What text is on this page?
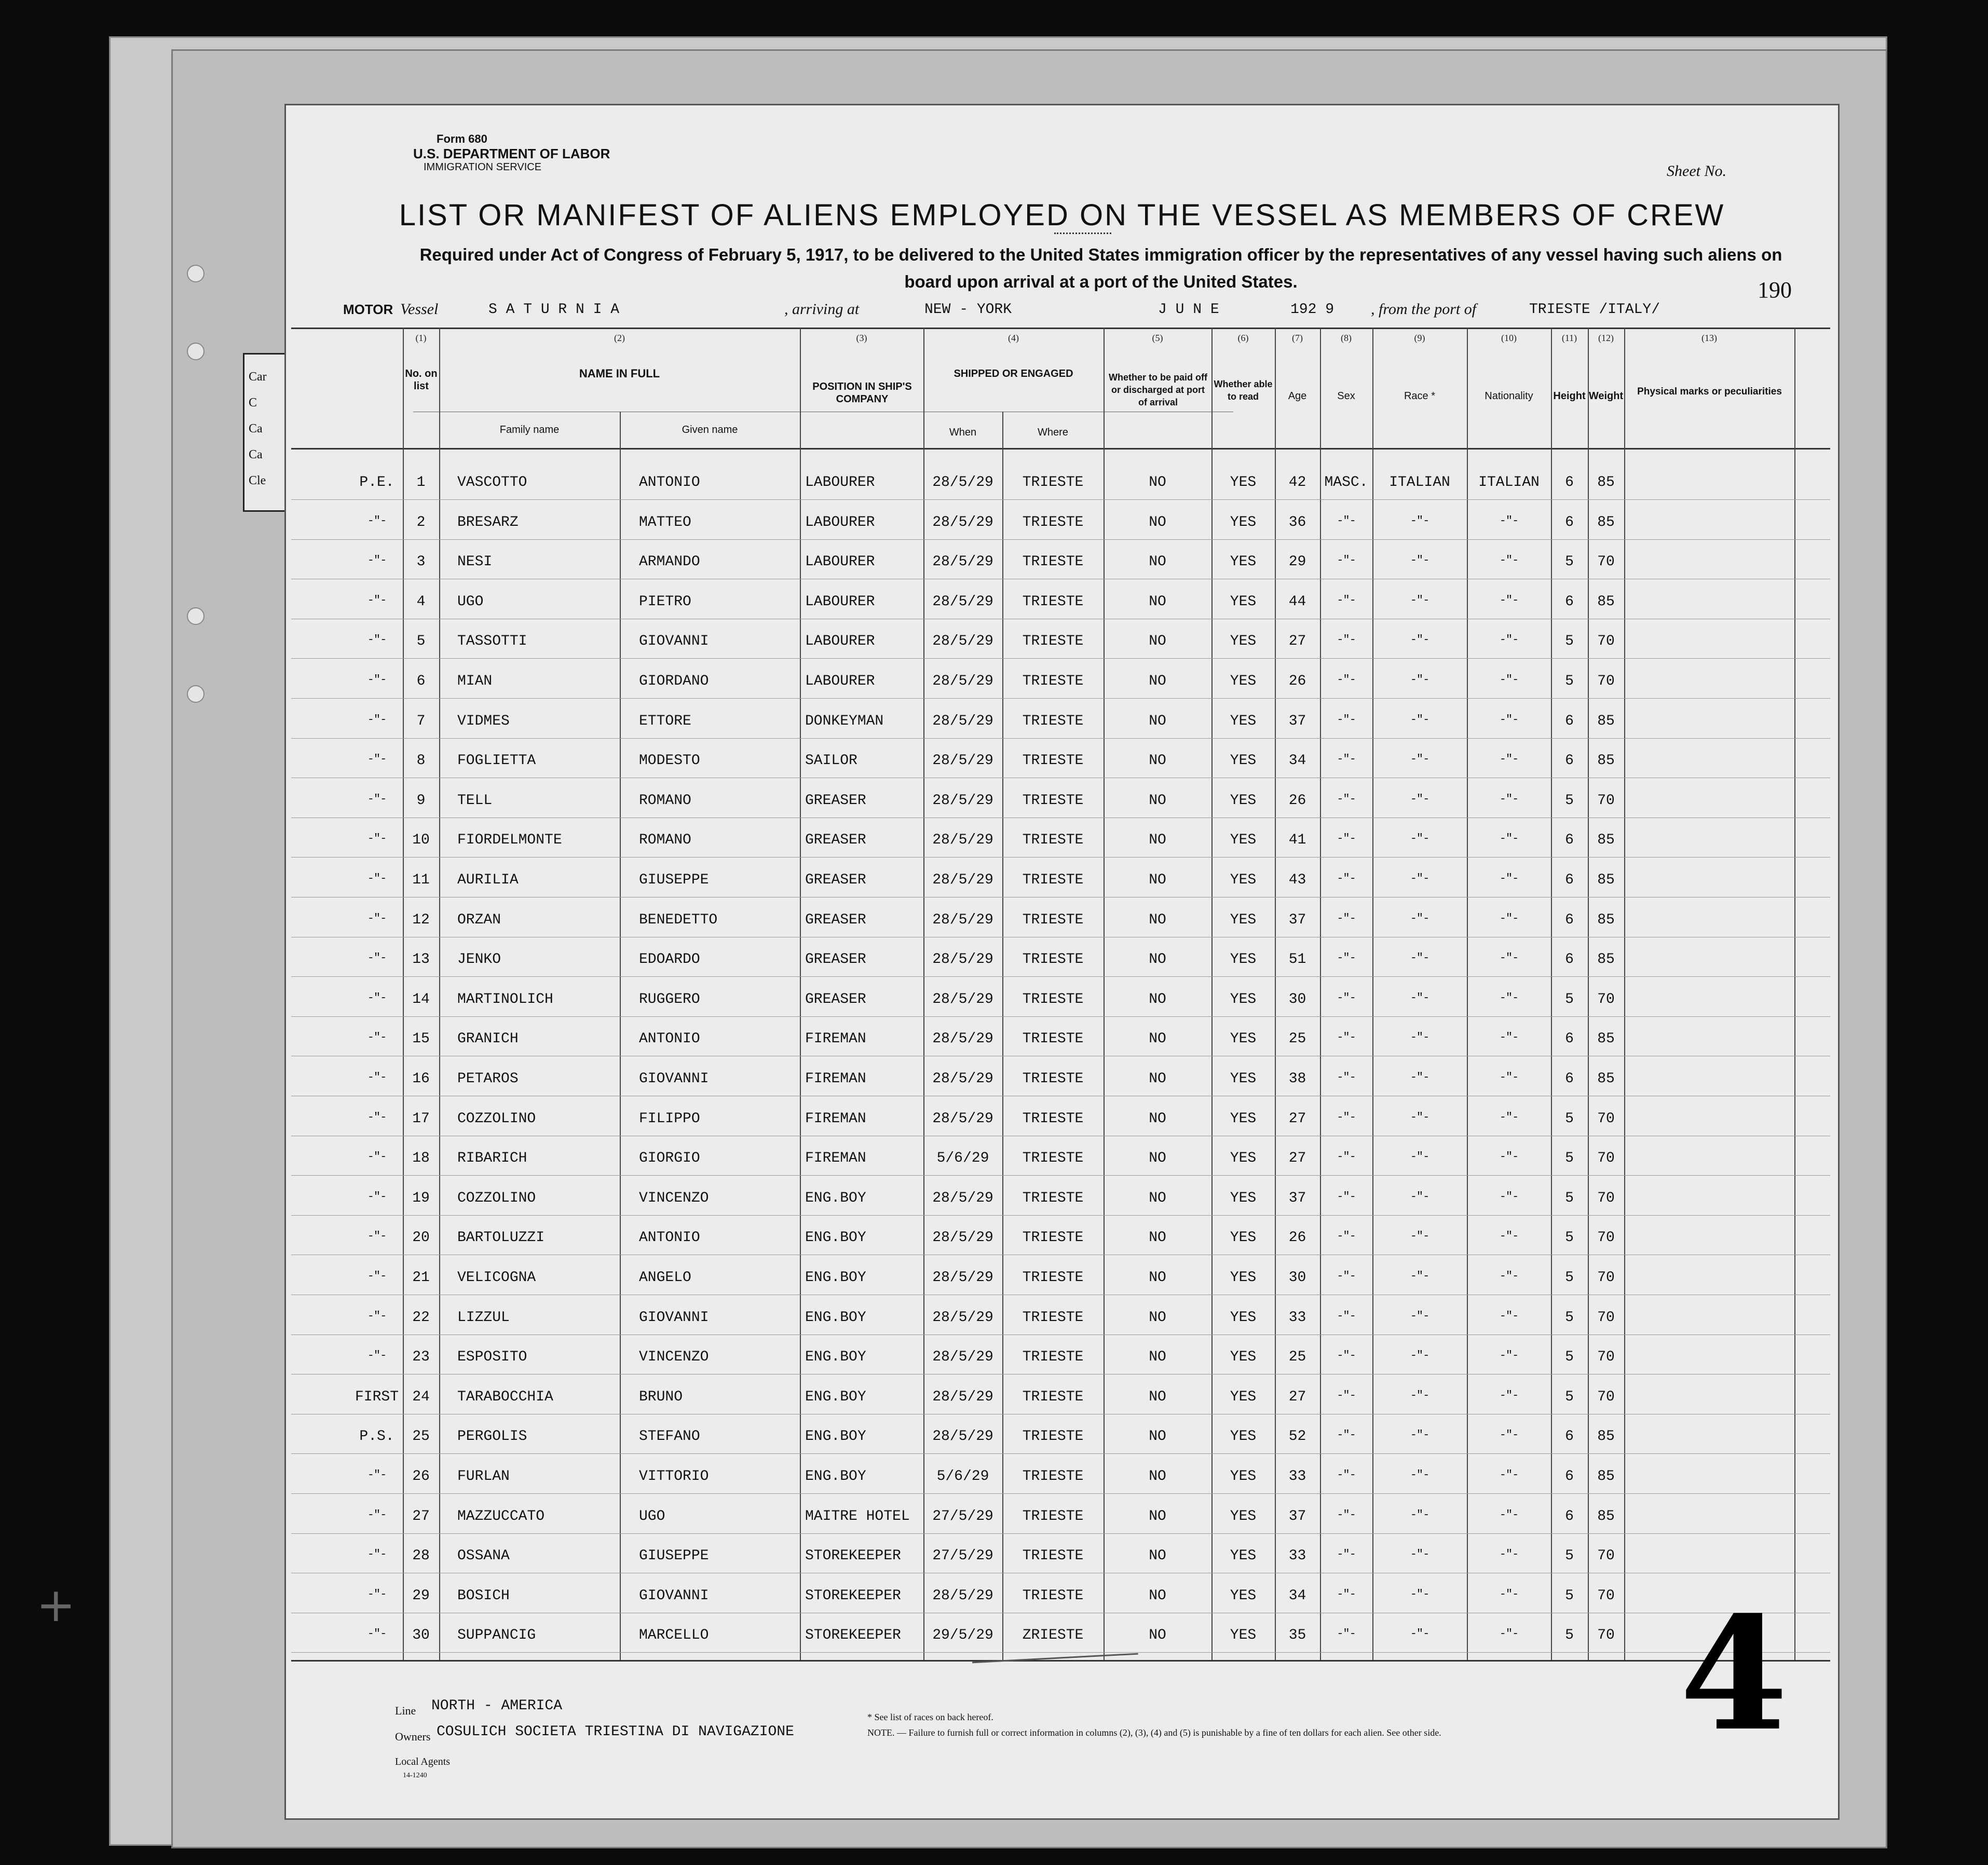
Car
C
Ca
Ca
Cle
+
Form 680
U.S. DEPARTMENT OF LABOR
IMMIGRATION SERVICE	Sheet No.
LIST OR MANIFEST OF ALIENS EMPLOYED ON THE VESSEL AS MEMBERS OF CREW
Required under Act of Congress of February 5, 1917, to be delivered to the United States immigration officer by the representatives of any vessel having such aliens on board upon arrival at a port of the United States.	190
MOTOR Vessel	S A T U R N I A	, arriving at	NEW - YORK	J U N E	192 9 , from the port of	TRIESTE /ITALY/
(1)	(2)	(3)	(4)	(5)	(6)	(7)	(8)	(9)	(10)	(11)	(12)	(13)
No. on list
NAME IN FULL
Family name	Given name
POSITION IN SHIP'S COMPANY
SHIPPED OR ENGAGED
When	Where
Whether to be paid off or discharged at port of arrival
Whether able to read	Age	Sex	Race *	Nationality	Height Weight	Physical marks or peculiarities
P.E.	1	VASCOTTO	ANTONIO	LABOURER	28/5/29	TRIESTE	NO	YES	42	MASC.	ITALIAN	ITALIAN	6	85
-"-	2	BRESARZ	MATTEO	LABOURER	28/5/29	TRIESTE	NO	YES	36	-"-	-"-	-"-	6	85
-"-	3	NESI	ARMANDO	LABOURER	28/5/29	TRIESTE	NO	YES	29	-"-	-"-	-"-	5	70
-"-	4	UGO	PIETRO	LABOURER	28/5/29	TRIESTE	NO	YES	44	-"-	-"-	-"-	6	85
-"-	5	TASSOTTI	GIOVANNI	LABOURER	28/5/29	TRIESTE	NO	YES	27	-"-	-"-	-"-	5	70
-"-	6	MIAN	GIORDANO	LABOURER	28/5/29	TRIESTE	NO	YES	26	-"-	-"-	-"-	5	70
-"-	7	VIDMES	ETTORE	DONKEYMAN	28/5/29	TRIESTE	NO	YES	37	-"-	-"-	-"-	6	85
-"-	8	FOGLIETTA	MODESTO	SAILOR	28/5/29	TRIESTE	NO	YES	34	-"-	-"-	-"-	6	85
-"-	9	TELL	ROMANO	GREASER	28/5/29	TRIESTE	NO	YES	26	-"-	-"-	-"-	5	70
-"-	10	FIORDELMONTE	ROMANO	GREASER	28/5/29	TRIESTE	NO	YES	41	-"-	-"-	-"-	6	85
-"-	11	AURILIA	GIUSEPPE	GREASER	28/5/29	TRIESTE	NO	YES	43	-"-	-"-	-"-	6	85
-"-	12	ORZAN	BENEDETTO	GREASER	28/5/29	TRIESTE	NO	YES	37	-"-	-"-	-"-	6	85
-"-	13	JENKO	EDOARDO	GREASER	28/5/29	TRIESTE	NO	YES	51	-"-	-"-	-"-	6	85
-"-	14	MARTINOLICH	RUGGERO	GREASER	28/5/29	TRIESTE	NO	YES	30	-"-	-"-	-"-	5	70
-"-	15	GRANICH	ANTONIO	FIREMAN	28/5/29	TRIESTE	NO	YES	25	-"-	-"-	-"-	6	85
-"-	16	PETAROS	GIOVANNI	FIREMAN	28/5/29	TRIESTE	NO	YES	38	-"-	-"-	-"-	6	85
-"-	17	COZZOLINO	FILIPPO	FIREMAN	28/5/29	TRIESTE	NO	YES	27	-"-	-"-	-"-	5	70
-"-	18	RIBARICH	GIORGIO	FIREMAN	5/6/29	TRIESTE	NO	YES	27	-"-	-"-	-"-	5	70
-"-	19	COZZOLINO	VINCENZO	ENG.BOY	28/5/29	TRIESTE	NO	YES	37	-"-	-"-	-"-	5	70
-"-	20	BARTOLUZZI	ANTONIO	ENG.BOY	28/5/29	TRIESTE	NO	YES	26	-"-	-"-	-"-	5	70
-"-	21	VELICOGNA	ANGELO	ENG.BOY	28/5/29	TRIESTE	NO	YES	30	-"-	-"-	-"-	5	70
-"-	22	LIZZUL	GIOVANNI	ENG.BOY	28/5/29	TRIESTE	NO	YES	33	-"-	-"-	-"-	5	70
-"-	23	ESPOSITO	VINCENZO	ENG.BOY	28/5/29	TRIESTE	NO	YES	25	-"-	-"-	-"-	5	70
FIRST 24	TARABOCCHIA	BRUNO	ENG.BOY	28/5/29	TRIESTE	NO	YES	27	-"-	-"-	-"-	5	70
P.S.	25	PERGOLIS	STEFANO	ENG.BOY	28/5/29	TRIESTE	NO	YES	52	-"-	-"-	-"-	6	85
-"-	26	FURLAN	VITTORIO	ENG.BOY	5/6/29	TRIESTE	NO	YES	33	-"-	-"-	-"-	6	85
-"-	27	MAZZUCCATO	UGO	MAITRE HOTEL	27/5/29	TRIESTE	NO	YES	37	-"-	-"-	-"-	6	85
-"-	28	OSSANA	GIUSEPPE	STOREKEEPER	27/5/29	TRIESTE	NO	YES	33	-"-	-"-	-"-	5	70
-"-	29	BOSICH	GIOVANNI	STOREKEEPER	28/5/29	TRIESTE	NO	YES	34	-"-	-"-	-"-	5	70
-"-	30	SUPPANCIG	MARCELLO	STOREKEEPER	29/5/29	ZRIESTE	NO	YES	35	-"-	-"-	-"-	5	70
Line NORTH - AMERICA
Owners COSULICH SOCIETA TRIESTINA DI NAVIGAZIONE
Local Agents
14-1240
* See list of races on back hereof.
NOTE. — Failure to furnish full or correct information in columns (2), (3), (4) and (5) is punishable by a fine of ten dollars for each alien. See other side. 4
